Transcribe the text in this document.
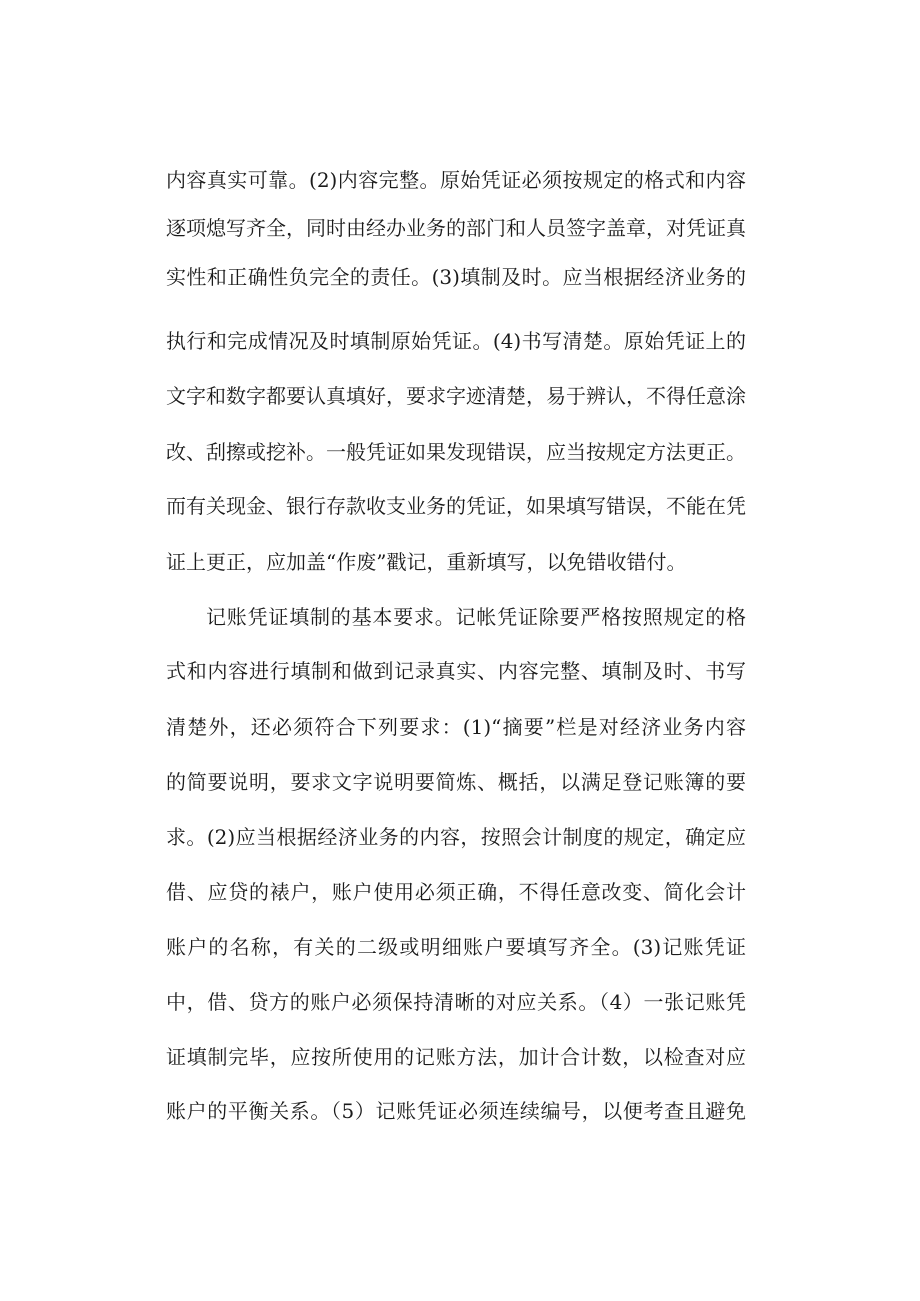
内容真实可靠。(2)内容完整。原始凭证必须按规定的格式和内容
逐项熄写齐全，同时由经办业务的部门和人员签字盖章，对凭证真
实性和正确性负完全的责任。(3)填制及时。应当根据经济业务的
执行和完成情况及时填制原始凭证。(4)书写清楚。原始凭证上的
文字和数字都要认真填好，要求字迹清楚，易于辨认，不得任意涂
改、刮擦或挖补。一般凭证如果发现错误，应当按规定方法更正。
而有关现金、银行存款收支业务的凭证，如果填写错误，不能在凭
证上更正，应加盖“作废”戳记，重新填写，以免错收错付。
记账凭证填制的基本要求。记帐凭证除要严格按照规定的格
式和内容进行填制和做到记录真实、内容完整、填制及时、书写
清楚外，还必须符合下列要求：(1)“摘要”栏是对经济业务内容
的简要说明，要求文字说明要简炼、概括，以满足登记账簿的要
求。(2)应当根据经济业务的内容，按照会计制度的规定，确定应
借、应贷的裱户，账户使用必须正确，不得任意改变、简化会计
账户的名称，有关的二级或明细账户要填写齐全。(3)记账凭证
中，借、贷方的账户必须保持清晰的对应关系。（4）一张记账凭
证填制完毕，应按所使用的记账方法，加计合计数，以检查对应
账户的平衡关系。（5）记账凭证必须连续编号，以便考查且避免
